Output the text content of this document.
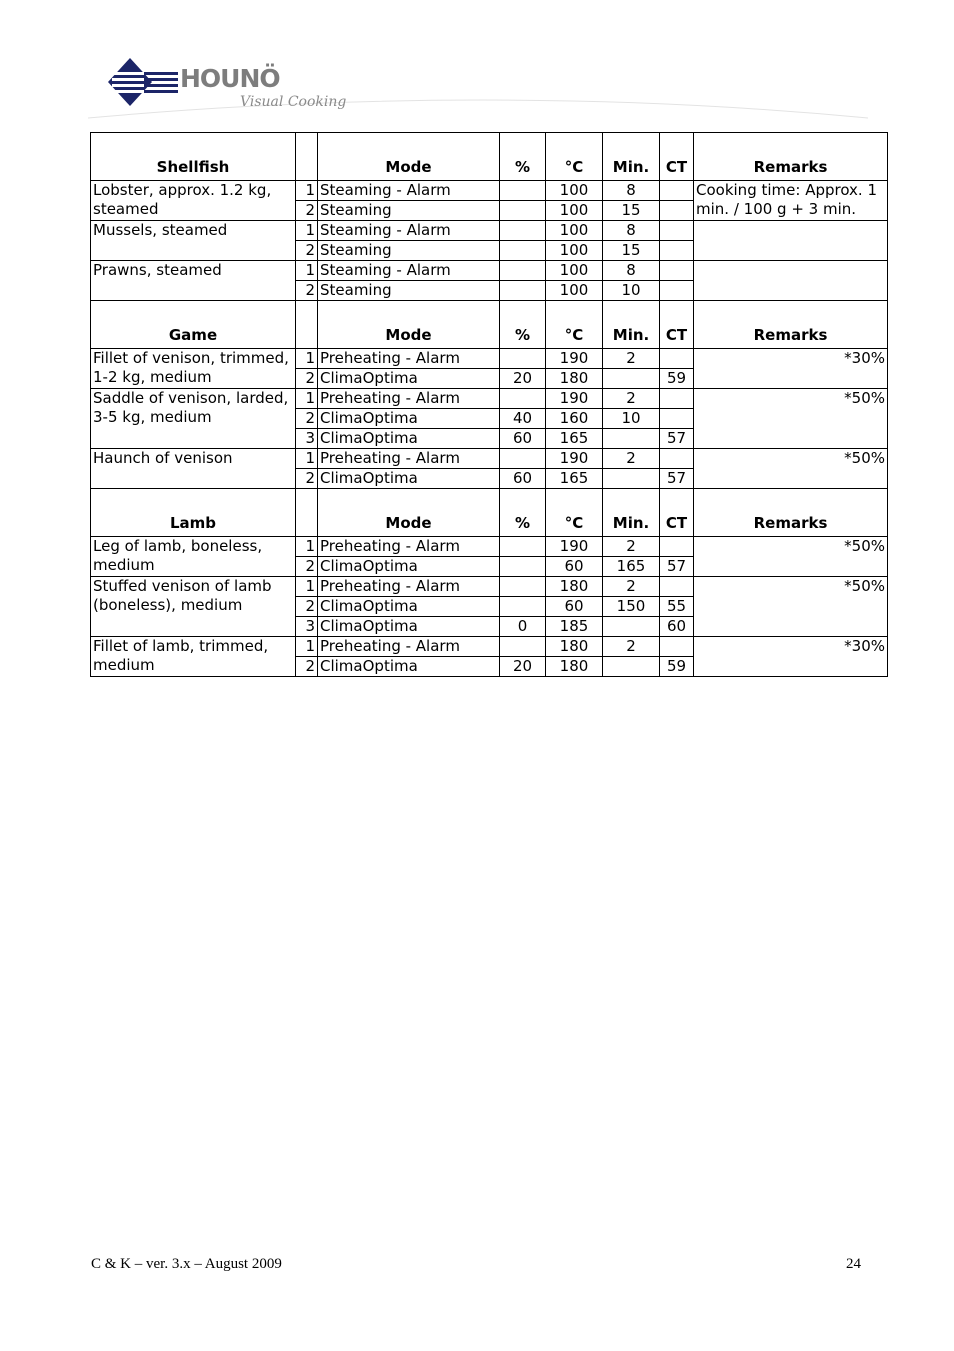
HOUNÖ
Visual Cooking
Shellfish		Mode	%	°C	Min.	CT	Remarks
Lobster, approx. 1.2 kg, steamed	1	Steaming - Alarm		100	8		Cooking time: Approx. 1 min. / 100 g + 3 min.
	2	Steaming		100	15		
Mussels, steamed	1	Steaming - Alarm		100	8		
	2	Steaming		100	15		
Prawns, steamed	1	Steaming - Alarm		100	8		
	2	Steaming		100	10		
Game		Mode	%	°C	Min.	CT	Remarks
Fillet of venison, trimmed, 1-2 kg, medium	1	Preheating - Alarm		190	2		*30%
	2	ClimaOptima	20	180		59	
Saddle of venison, larded, 3-5 kg, medium	1	Preheating - Alarm		190	2		*50%
	2	ClimaOptima	40	160	10		
	3	ClimaOptima	60	165		57	
Haunch of venison	1	Preheating - Alarm		190	2		*50%
	2	ClimaOptima	60	165		57	
Lamb		Mode	%	°C	Min.	CT	Remarks
Leg of lamb, boneless, medium	1	Preheating - Alarm		190	2		*50%
	2	ClimaOptima		60	165	57	
Stuffed venison of lamb (boneless), medium	1	Preheating - Alarm		180	2		*50%
	2	ClimaOptima		60	150	55	
	3	ClimaOptima	0	185		60	
Fillet of lamb, trimmed, medium	1	Preheating - Alarm		180	2		*30%
	2	ClimaOptima	20	180		59	
C & K – ver. 3.x – August 2009	24
